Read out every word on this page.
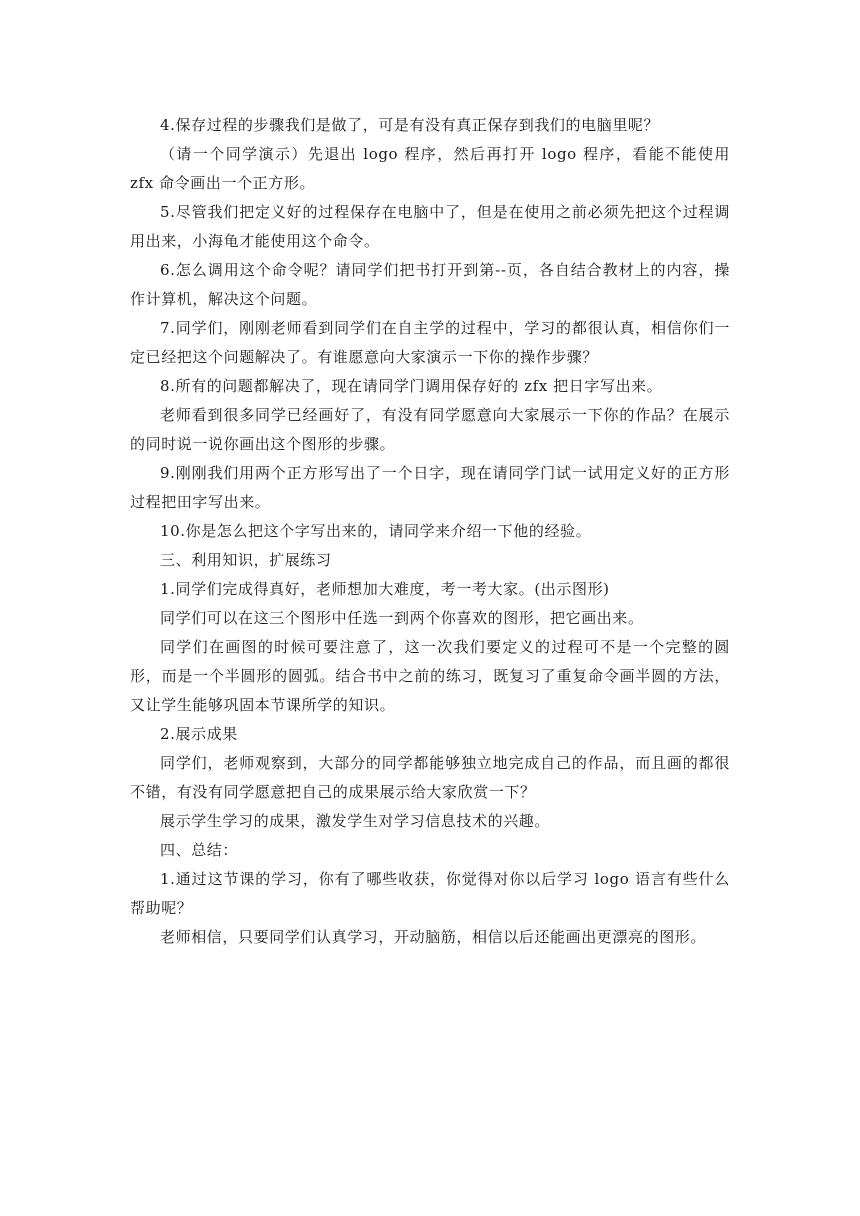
4.保存过程的步骤我们是做了，可是有没有真正保存到我们的电脑里呢？

（请一个同学演示）先退出 logo 程序，然后再打开 logo 程序，看能不能使用 zfx 命令画出一个正方形。

5.尽管我们把定义好的过程保存在电脑中了，但是在使用之前必须先把这个过程调用出来，小海龟才能使用这个命令。

6.怎么调用这个命令呢？请同学们把书打开到第--页，各自结合教材上的内容，操作计算机，解决这个问题。

7.同学们，刚刚老师看到同学们在自主学的过程中，学习的都很认真，相信你们一定已经把这个问题解决了。有谁愿意向大家演示一下你的操作步骤？

8.所有的问题都解决了，现在请同学门调用保存好的 zfx 把日字写出来。

老师看到很多同学已经画好了，有没有同学愿意向大家展示一下你的作品？在展示的同时说一说你画出这个图形的步骤。

9.刚刚我们用两个正方形写出了一个日字，现在请同学门试一试用定义好的正方形过程把田字写出来。

10.你是怎么把这个字写出来的，请同学来介绍一下他的经验。

三、利用知识，扩展练习

1.同学们完成得真好，老师想加大难度，考一考大家。(出示图形)

同学们可以在这三个图形中任选一到两个你喜欢的图形，把它画出来。

同学们在画图的时候可要注意了，这一次我们要定义的过程可不是一个完整的圆形，而是一个半圆形的圆弧。结合书中之前的练习，既复习了重复命令画半圆的方法，又让学生能够巩固本节课所学的知识。

2.展示成果

同学们，老师观察到，大部分的同学都能够独立地完成自己的作品，而且画的都很不错，有没有同学愿意把自己的成果展示给大家欣赏一下？

展示学生学习的成果，激发学生对学习信息技术的兴趣。

四、总结：

1.通过这节课的学习，你有了哪些收获，你觉得对你以后学习 logo 语言有些什么帮助呢？

老师相信，只要同学们认真学习，开动脑筋，相信以后还能画出更漂亮的图形。
